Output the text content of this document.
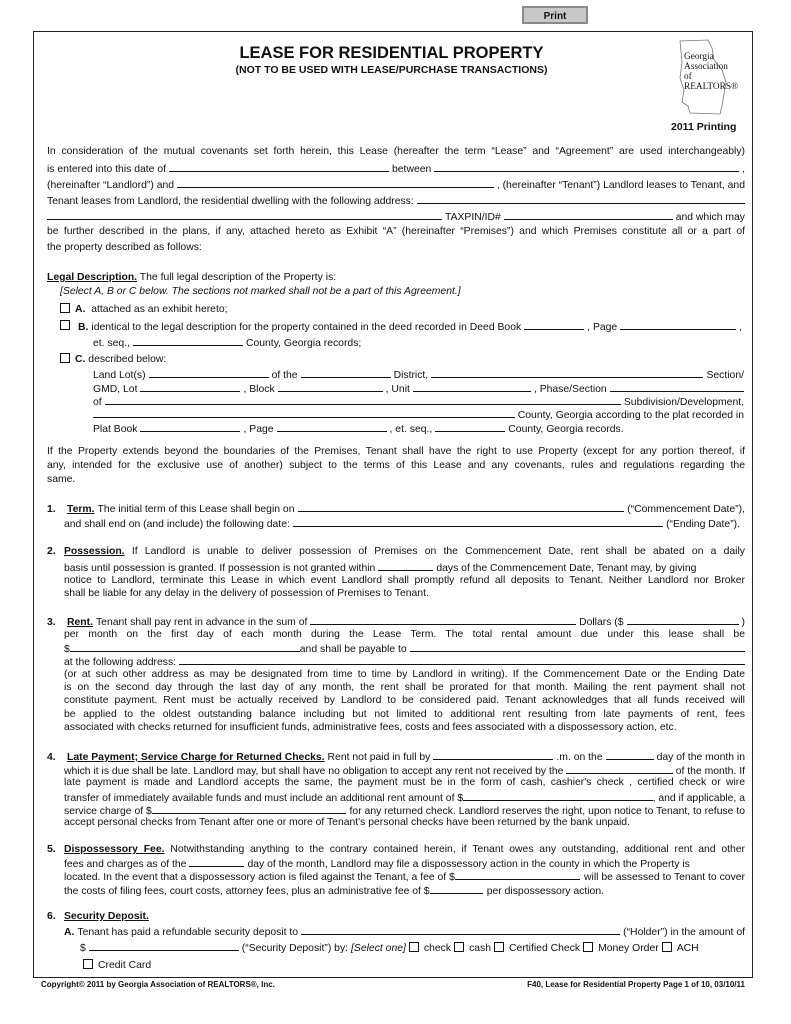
Print
LEASE FOR RESIDENTIAL PROPERTY
(NOT TO BE USED WITH LEASE/PURCHASE TRANSACTIONS)
Georgia
Association
of REALTORS®
2011 Printing
In consideration of the mutual covenants set forth herein, this Lease (hereafter the term “Lease” and “Agreement” are used interchangeably)
is entered into this date of	between	,
(hereinafter “Landlord”) and	, (hereinafter “Tenant”) Landlord leases to Tenant, and
Tenant leases from Landlord, the residential dwelling with the following address:
TAXPIN/ID#	and which may
be further described in the plans, if any, attached hereto as Exhibit “A” (hereinafter “Premises”) and which Premises constitute all or a part of
the property described as follows:
Legal Description. The full legal description of the Property is:
[Select A, B or C below. The sections not marked shall not be a part of this Agreement.]
A. attached as an exhibit hereto;
B. identical to the legal description for the property contained in the deed recorded in Deed Book	, Page	,
et. seq.,	County, Georgia records;
C. described below:
Land Lot(s)	of the	District,	Section/
GMD, Lot	, Block	, Unit	, Phase/Section
of	Subdivision/Development,
County, Georgia according to the plat recorded in
Plat Book	, Page	, et. seq.,	County, Georgia records.
If the Property extends beyond the boundaries of the Premises, Tenant shall have the right to use Property (except for any portion thereof, if
any, intended for the exclusive use of another) subject to the terms of this Lease and any covenants, rules and regulations regarding the
same.
1.	Term. The initial term of this Lease shall begin on	(“Commencement Date”),
and shall end on (and include) the following date:	(“Ending Date”).
2. Possession. If Landlord is unable to deliver possession of Premises on the Commencement Date, rent shall be abated on a daily
basis until possession is granted. If possession is not granted within	days of the Commencement Date, Tenant may, by giving
notice to Landlord, terminate this Lease in which event Landlord shall promptly refund all deposits to Tenant. Neither Landlord nor Broker
shall be liable for any delay in the delivery of possession of Premises to Tenant.
3.	Rent. Tenant shall pay rent in advance in the sum of	Dollars ($	)
per month on the first day of each month during the Lease Term. The total rental amount due under this lease shall be
$	and shall be payable to
at the following address:
(or at such other address as may be designated from time to time by Landlord in writing). If the Commencement Date or the Ending Date
is on the second day through the last day of any month, the rent shall be prorated for that month. Mailing the rent payment shall not
constitute payment. Rent must be actually received by Landlord to be considered paid. Tenant acknowledges that all funds received will
be applied to the oldest outstanding balance including but not limited to additional rent resulting from late payments of rent, fees
associated with checks returned for insufficient funds, administrative fees, costs and fees associated with a dispossessory action, etc.
4.	Late Payment; Service Charge for Returned Checks. Rent not paid in full by	.m. on the	day of the month in
which it is due shall be late. Landlord may, but shall have no obligation to accept any rent not received by the	of the month. If
late payment is made and Landlord accepts the same, the payment must be in the form of cash, cashier's check , certified check or wire
transfer of immediately available funds and must include an additional rent amount of $	, and if applicable, a
service charge of $	for any returned check. Landlord reserves the right, upon notice to Tenant, to refuse to
accept personal checks from Tenant after one or more of Tenant's personal checks have been returned by the bank unpaid.
5. Dispossessory Fee. Notwithstanding anything to the contrary contained herein, if Tenant owes any outstanding, additional rent and other
fees and charges as of the	day of the month, Landlord may file a dispossessory action in the county in which the Property is
located. In the event that a dispossessory action is filed against the Tenant, a fee of $	will be assessed to Tenant to cover
the costs of filing fees, court costs, attorney fees, plus an administrative fee of $	per dispossessory action.
6. Security Deposit.
A. Tenant has paid a refundable security deposit to	(“Holder”) in the amount of
$	(“Security Deposit”) by: [Select one]	check	cash	Certified Check	Money Order	ACH
Credit Card
Copyright© 2011 by Georgia Association of REALTORS®, Inc.	F40, Lease for Residential Property Page 1 of 10, 03/10/11
